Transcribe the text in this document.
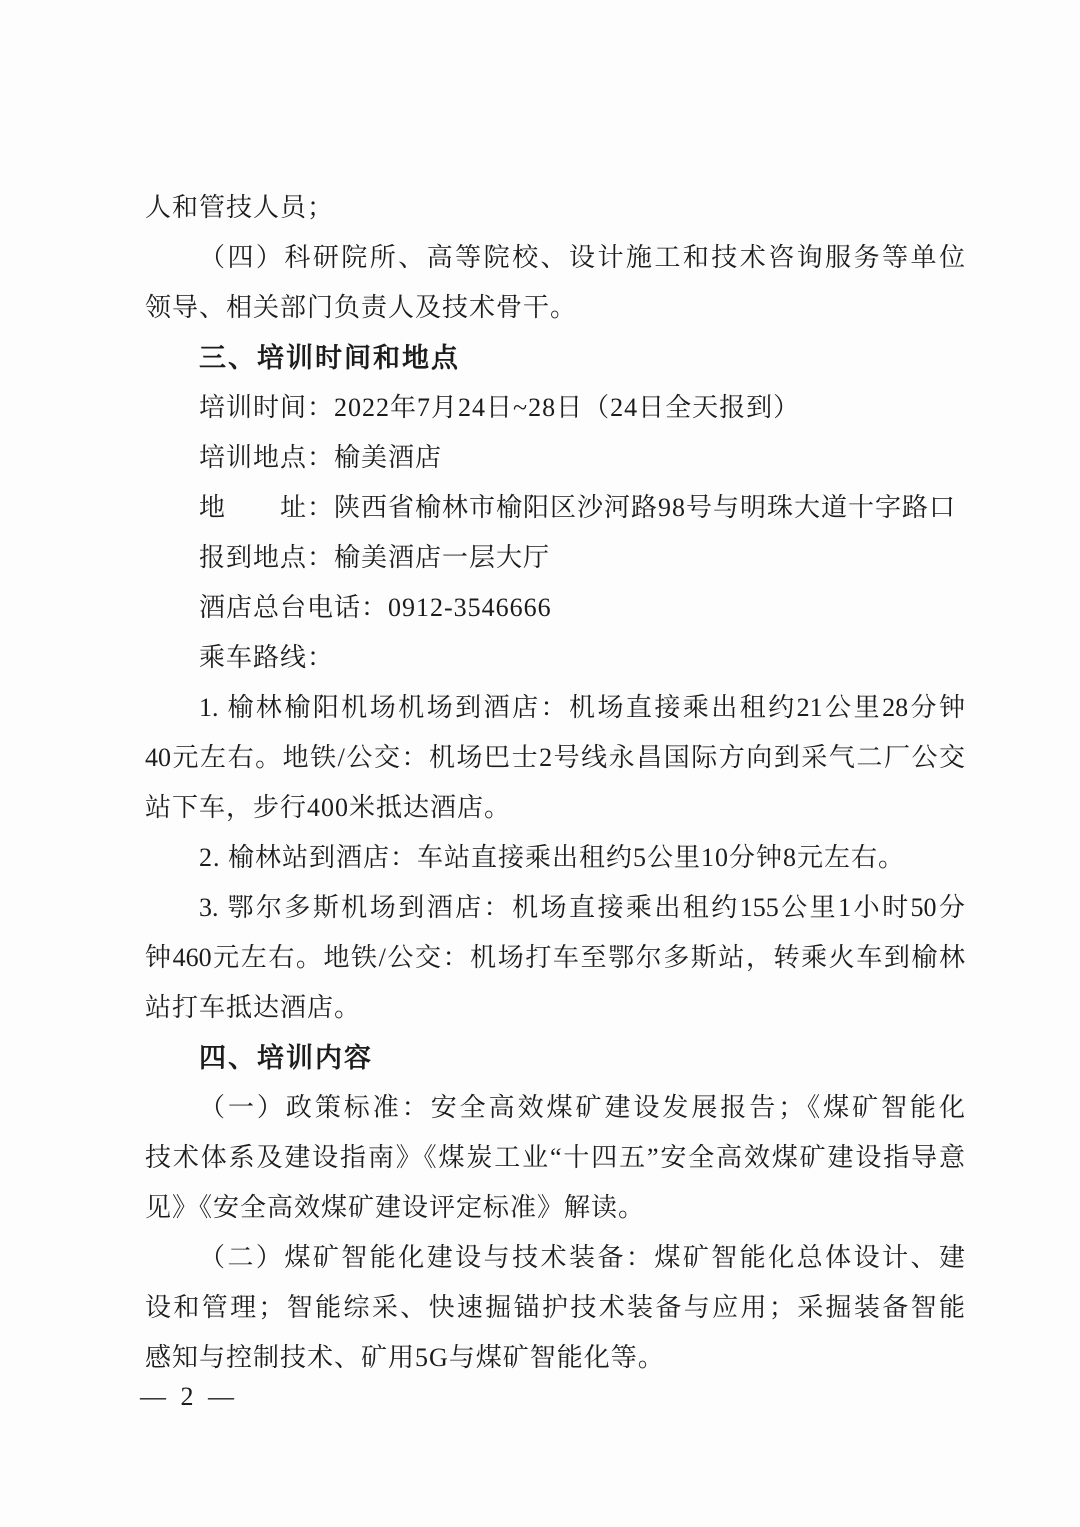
人和管技人员；
（四）科研院所、高等院校、设计施工和技术咨询服务等单位
领导、相关部门负责人及技术骨干。
三、培训时间和地点
培训时间：2022年7月24日~28日（24日全天报到）
培训地点：榆美酒店
地　　址：陕西省榆林市榆阳区沙河路98号与明珠大道十字路口
报到地点：榆美酒店一层大厅
酒店总台电话：0912-3546666
乘车路线：
1. 榆林榆阳机场机场到酒店：机场直接乘出租约21公里28分钟
40元左右。地铁/公交：机场巴士2号线永昌国际方向到采气二厂公交
站下车，步行400米抵达酒店。
2. 榆林站到酒店：车站直接乘出租约5公里10分钟8元左右。
3. 鄂尔多斯机场到酒店：机场直接乘出租约155公里1小时50分
钟460元左右。地铁/公交：机场打车至鄂尔多斯站，转乘火车到榆林
站打车抵达酒店。
四、培训内容
（一）政策标准：安全高效煤矿建设发展报告；《煤矿智能化
技术体系及建设指南》《煤炭工业“十四五”安全高效煤矿建设指导意
见》《安全高效煤矿建设评定标准》解读。
（二）煤矿智能化建设与技术装备：煤矿智能化总体设计、建
设和管理；智能综采、快速掘锚护技术装备与应用；采掘装备智能
感知与控制技术、矿用5G与煤矿智能化等。
— 2 —
